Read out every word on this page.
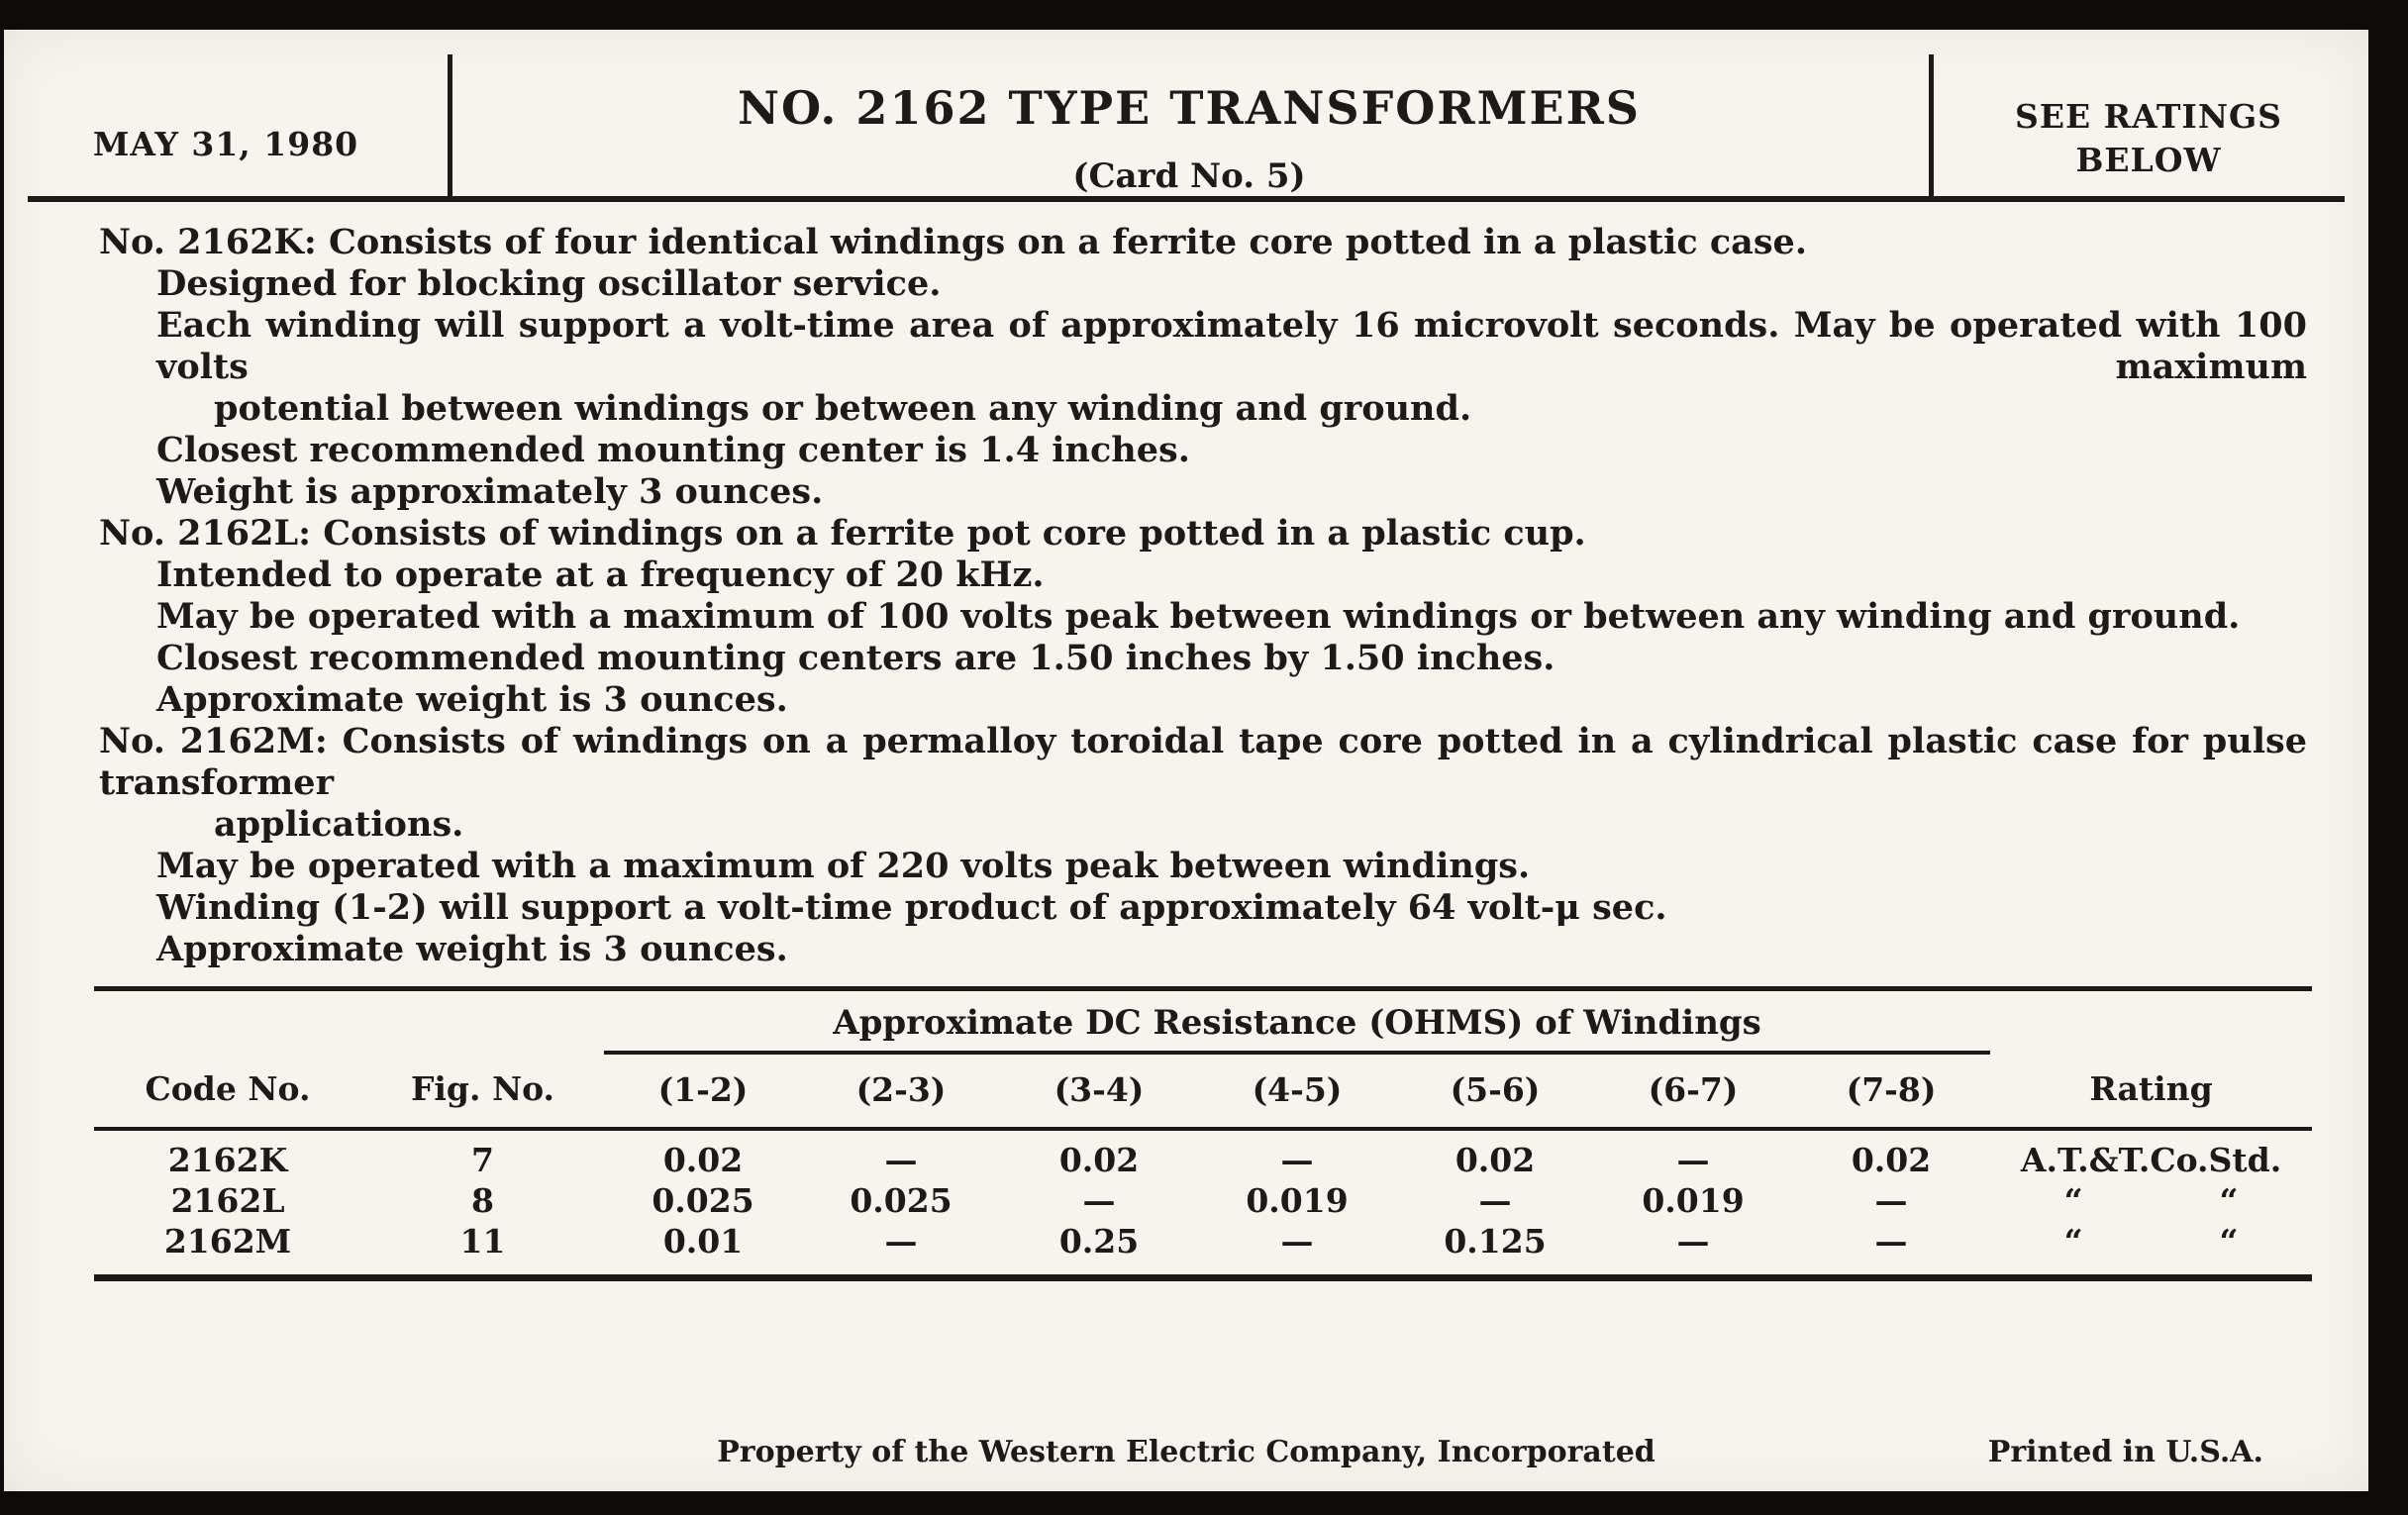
MAY 31, 1980
NO. 2162 TYPE TRANSFORMERS
(Card No. 5)
SEE RATINGS
BELOW
No. 2162K: Consists of four identical windings on a ferrite core potted in a plastic case.
Designed for blocking oscillator service.
Each winding will support a volt-time area of approximately 16 microvolt seconds. May be operated with 100 volts maximum
potential between windings or between any winding and ground.
Closest recommended mounting center is 1.4 inches.
Weight is approximately 3 ounces.
No. 2162L: Consists of windings on a ferrite pot core potted in a plastic cup.
Intended to operate at a frequency of 20 kHz.
May be operated with a maximum of 100 volts peak between windings or between any winding and ground.
Closest recommended mounting centers are 1.50 inches by 1.50 inches.
Approximate weight is 3 ounces.
No. 2162M: Consists of windings on a permalloy toroidal tape core potted in a cylindrical plastic case for pulse transformer
applications.
May be operated with a maximum of 220 volts peak between windings.
Winding (1-2) will support a volt-time product of approximately 64 volt-μ sec.
Approximate weight is 3 ounces.
		Approximate DC Resistance (OHMS) of Windings							
Code No.	Fig. No.	(1-2)	(2-3)	(3-4)	(4-5)	(5-6)	(6-7)	(7-8)	Rating
2162K	7	0.02	—	0.02	—	0.02	—	0.02	A.T.&T.Co.Std.
2162L	8	0.025	0.025	—	0.019	—	0.019	—	“            “
2162M	11	0.01	—	0.25	—	0.125	—	—	“            “
Property of the Western Electric Company, Incorporated	Printed in U.S.A.
